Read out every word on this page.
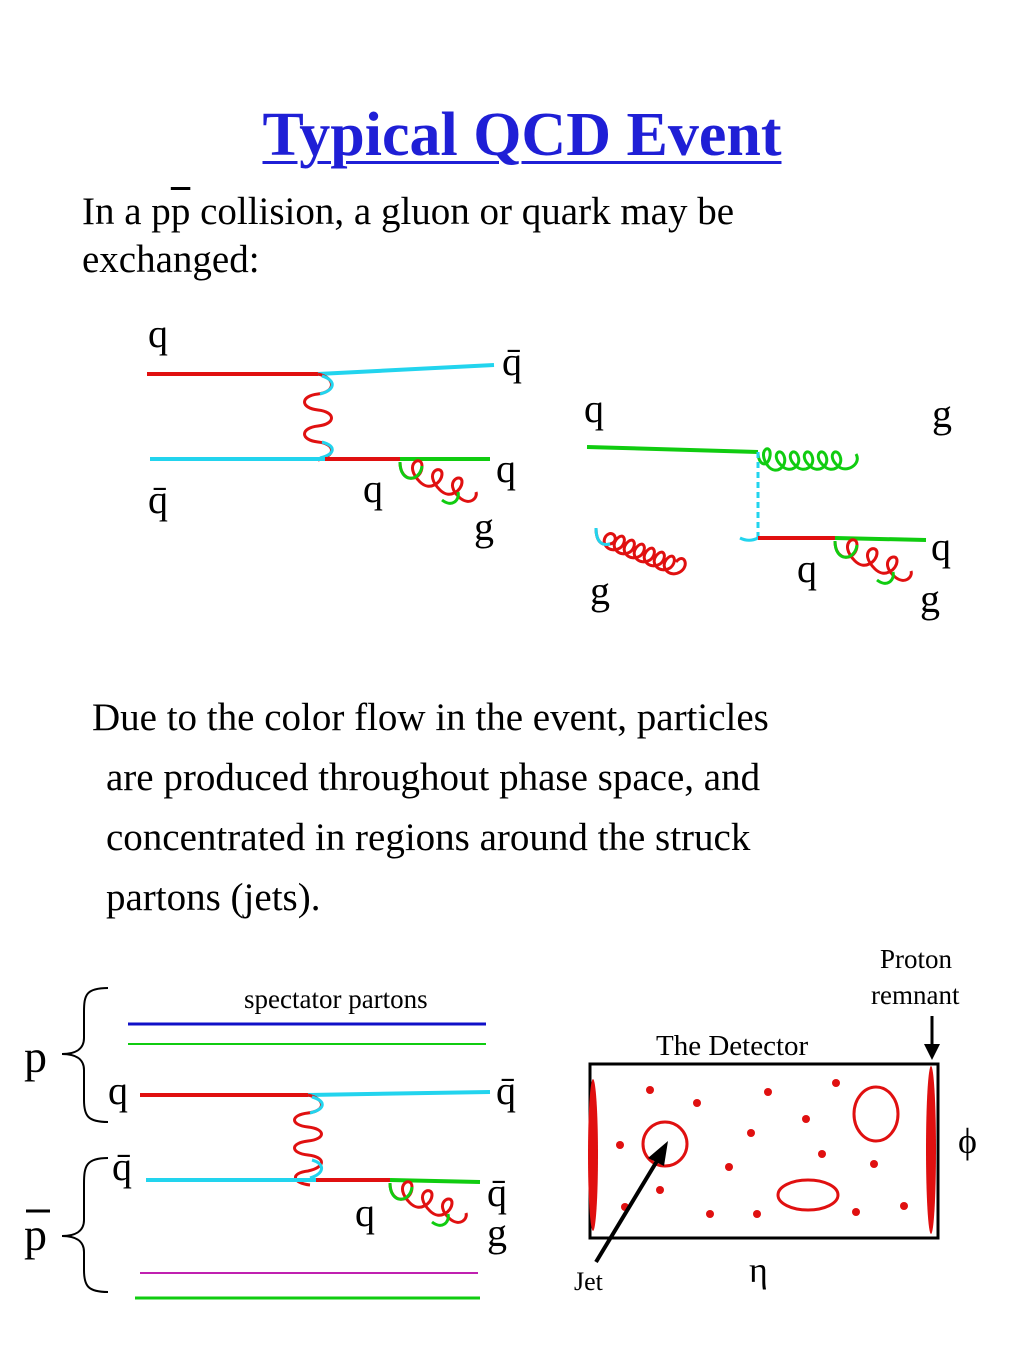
Typical QCD Event

In a $p\overline{p}$ collision, a gluon or quark may be
exchanged:

q
q̄
q̄
q	q
g
q	g
g	q	q
g

Due to the color flow in the event, particles
are produced throughout phase space, and
concentrated in regions around the struck
partons (jets).

p
p
spectator partons
q	q̄
q̄
q	q̄
g
The Detector
Proton
remnant
Jet
ϕ
η
